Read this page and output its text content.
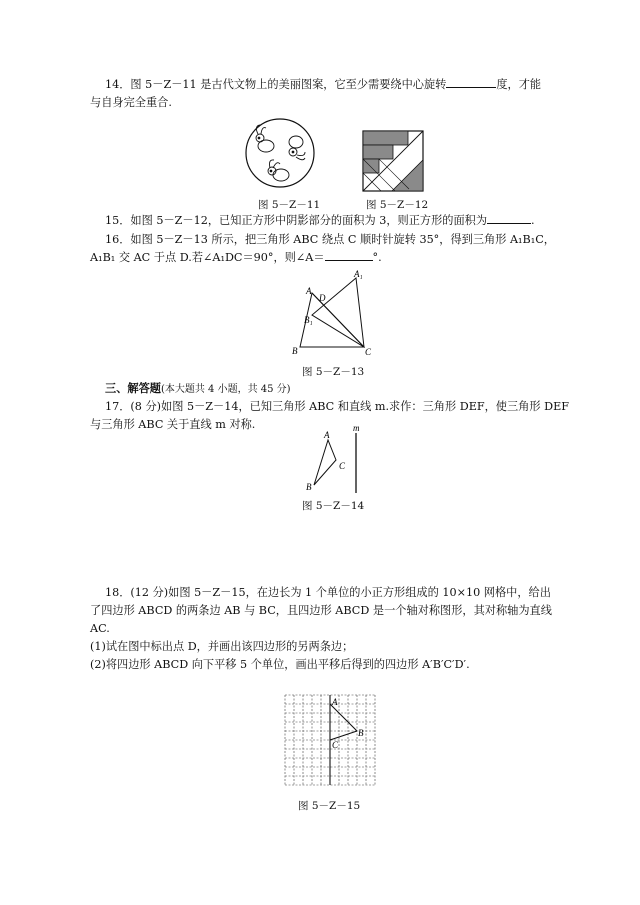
14．图 5－Z－11 是古代文物上的美丽图案，它至少需要绕中心旋转	度，才能
与自身完全重合.
图 5－Z－11	图 5－Z－12
15．如图 5－Z－12，已知正方形中阴影部分的面积为 3，则正方形的面积为	.
16．如图 5－Z－13 所示，把三角形 ABC 绕点 C 顺时针旋转 35°，得到三角形 A₁B₁C，
A₁B₁ 交 AC 于点 D.若∠A₁DC＝90°，则∠A＝	°.
A
A₁
D
B₁
B	C
图 5－Z－13
三、解答题(本大题共 4 小题，共 45 分)
17．(8 分)如图 5－Z－14，已知三角形 ABC 和直线 m.求作：三角形 DEF，使三角形 DEF
与三角形 ABC 关于直线 m 对称.
A
B
C
m
图 5－Z－14
18．(12 分)如图 5－Z－15，在边长为 1 个单位的小正方形组成的 10×10 网格中，给出
了四边形 ABCD 的两条边 AB 与 BC，且四边形 ABCD 是一个轴对称图形，其对称轴为直线
AC.
(1)试在图中标出点 D，并画出该四边形的另两条边；
(2)将四边形 ABCD 向下平移 5 个单位，画出平移后得到的四边形 A′B′C′D′.
A
B
C
图 5－Z－15
